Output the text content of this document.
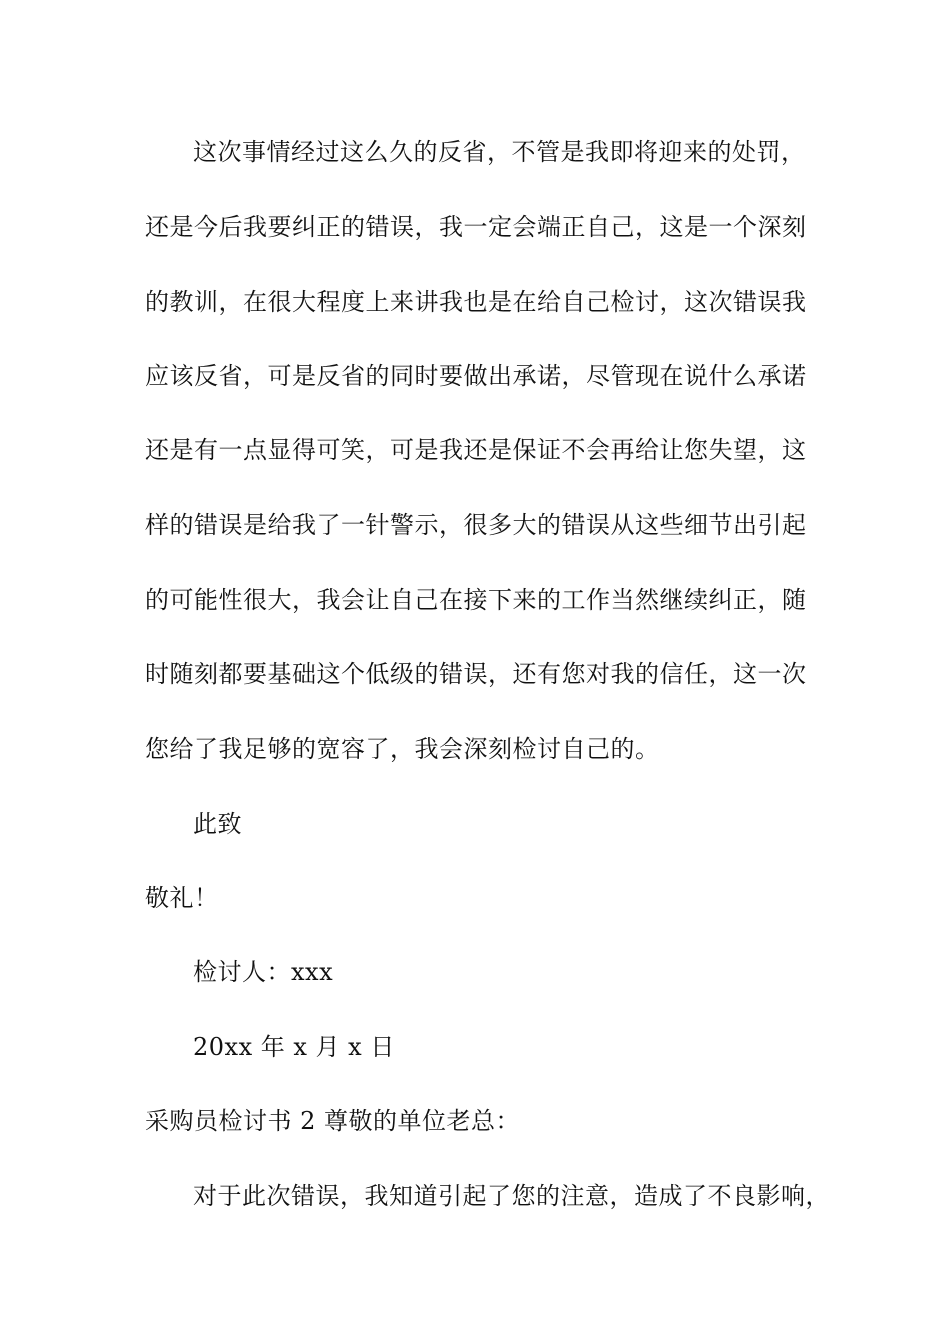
这次事情经过这么久的反省，不管是我即将迎来的处罚，
还是今后我要纠正的错误，我一定会端正自己，这是一个深刻
的教训，在很大程度上来讲我也是在给自己检讨，这次错误我
应该反省，可是反省的同时要做出承诺，尽管现在说什么承诺
还是有一点显得可笑，可是我还是保证不会再给让您失望，这
样的错误是给我了一针警示，很多大的错误从这些细节出引起
的可能性很大，我会让自己在接下来的工作当然继续纠正，随
时随刻都要基础这个低级的错误，还有您对我的信任，这一次
您给了我足够的宽容了，我会深刻检讨自己的。
此致
敬礼！
检讨人：xxx
20xx 年 x 月 x 日
采购员检讨书 2 尊敬的单位老总：
对于此次错误，我知道引起了您的注意，造成了不良影响，
